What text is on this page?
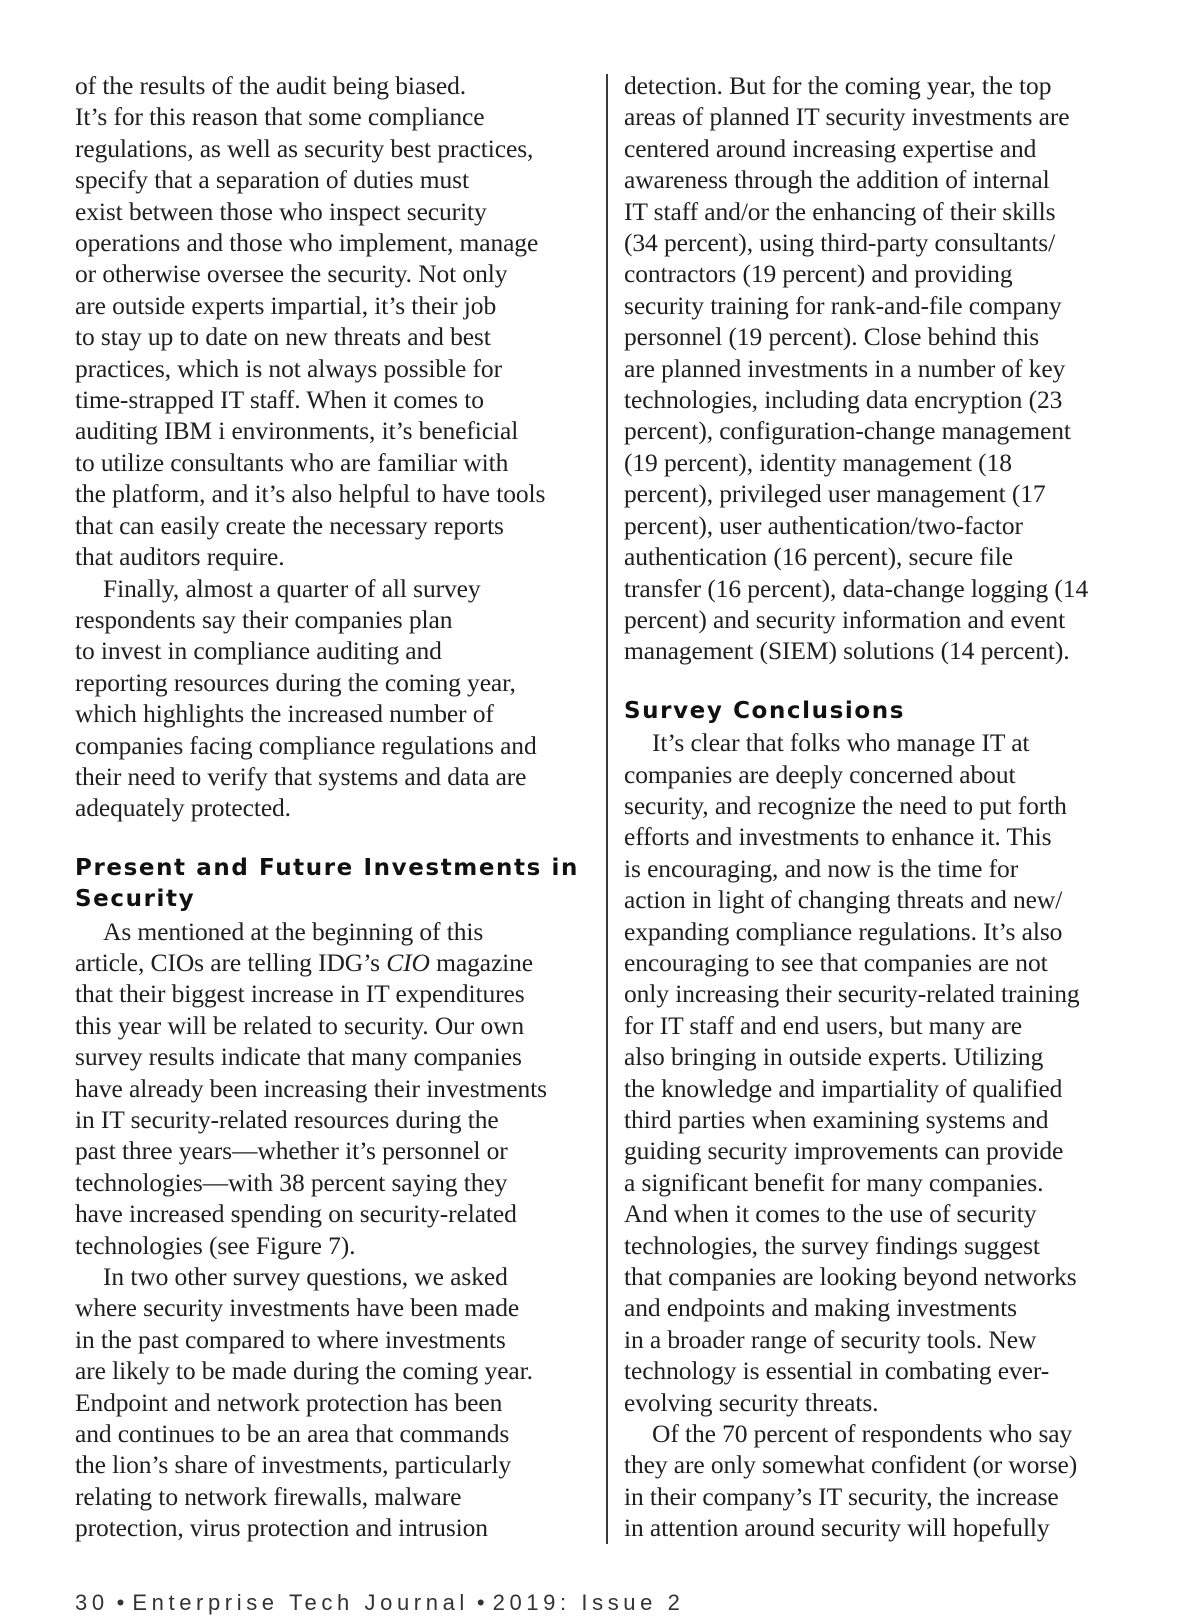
of the results of the audit being biased.
It’s for this reason that some compliance
regulations, as well as security best practices,
specify that a separation of duties must
exist between those who inspect security
operations and those who implement, manage
or otherwise oversee the security. Not only
are outside experts impartial, it’s their job
to stay up to date on new threats and best
practices, which is not always possible for
time-strapped IT staff. When it comes to
auditing IBM i environments, it’s beneficial
to utilize consultants who are familiar with
the platform, and it’s also helpful to have tools
that can easily create the necessary reports
that auditors require.
Finally, almost a quarter of all survey
respondents say their companies plan
to invest in compliance auditing and
reporting resources during the coming year,
which highlights the increased number of
companies facing compliance regulations and
their need to verify that systems and data are
adequately protected.
Present and Future Investments in
Security
As mentioned at the beginning of this
article, CIOs are telling IDG’s CIO magazine
that their biggest increase in IT expenditures
this year will be related to security. Our own
survey results indicate that many companies
have already been increasing their investments
in IT security-related resources during the
past three years—whether it’s personnel or
technologies—with 38 percent saying they
have increased spending on security-related
technologies (see Figure 7).
In two other survey questions, we asked
where security investments have been made
in the past compared to where investments
are likely to be made during the coming year.
Endpoint and network protection has been
and continues to be an area that commands
the lion’s share of investments, particularly
relating to network firewalls, malware
protection, virus protection and intrusion
detection. But for the coming year, the top
areas of planned IT security investments are
centered around increasing expertise and
awareness through the addition of internal
IT staff and/or the enhancing of their skills
(34 percent), using third-party consultants/
contractors (19 percent) and providing
security training for rank-and-file company
personnel (19 percent). Close behind this
are planned investments in a number of key
technologies, including data encryption (23
percent), configuration-change management
(19 percent), identity management (18
percent), privileged user management (17
percent), user authentication/two-factor
authentication (16 percent), secure file
transfer (16 percent), data-change logging (14
percent) and security information and event
management (SIEM) solutions (14 percent).
Survey Conclusions
It’s clear that folks who manage IT at
companies are deeply concerned about
security, and recognize the need to put forth
efforts and investments to enhance it. This
is encouraging, and now is the time for
action in light of changing threats and new/
expanding compliance regulations. It’s also
encouraging to see that companies are not
only increasing their security-related training
for IT staff and end users, but many are
also bringing in outside experts. Utilizing
the knowledge and impartiality of qualified
third parties when examining systems and
guiding security improvements can provide
a significant benefit for many companies.
And when it comes to the use of security
technologies, the survey findings suggest
that companies are looking beyond networks
and endpoints and making investments
in a broader range of security tools. New
technology is essential in combating ever-
evolving security threats.
Of the 70 percent of respondents who say
they are only somewhat confident (or worse)
in their company’s IT security, the increase
in attention around security will hopefully
30 • Enterprise Tech Journal • 2019: Issue 2
